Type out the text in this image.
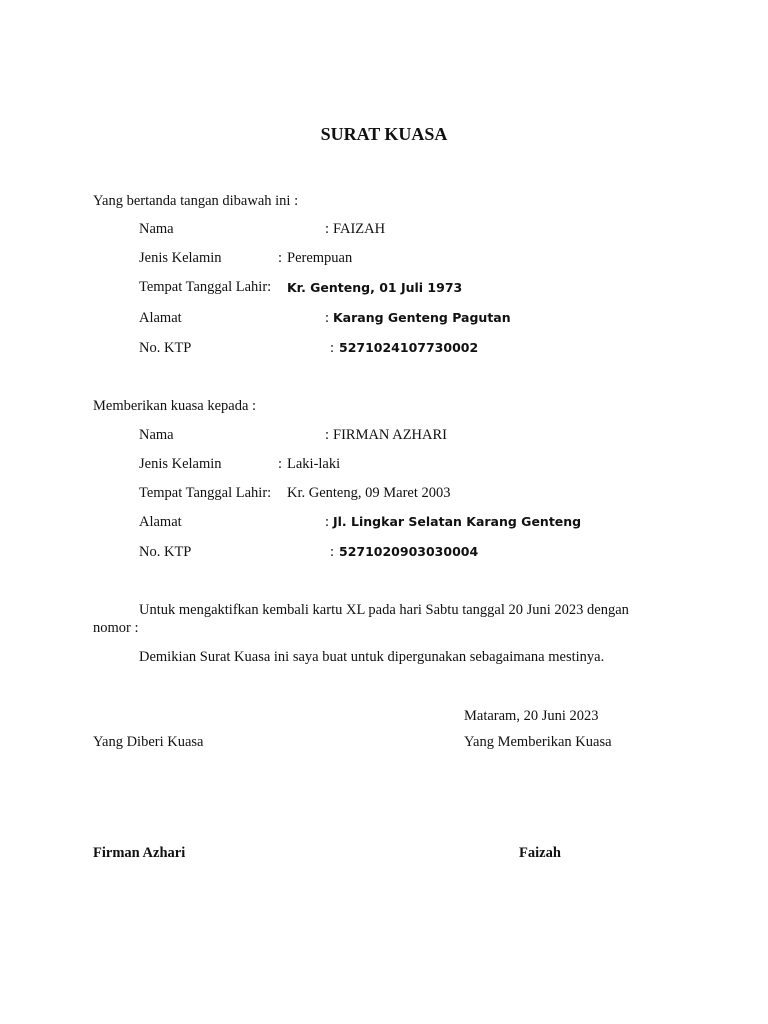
SURAT KUASA
Yang bertanda tangan dibawah ini :
Nama	: FAIZAH
Jenis Kelamin	: Perempuan
Tempat Tanggal Lahir: Kr. Genteng, 01 Juli 1973
Alamat	: Karang Genteng Pagutan
No. KTP	: 5271024107730002
Memberikan kuasa kepada :
Nama	: FIRMAN AZHARI
Jenis Kelamin	: Laki-laki
Tempat Tanggal Lahir: Kr. Genteng, 09 Maret 2003
Alamat	: Jl. Lingkar Selatan Karang Genteng
No. KTP	: 5271020903030004
Untuk mengaktifkan kembali kartu XL pada hari Sabtu tanggal 20 Juni 2023 dengan
nomor :
Demikian Surat Kuasa ini saya buat untuk dipergunakan sebagaimana mestinya.
Mataram, 20 Juni 2023
Yang Diberi Kuasa	Yang Memberikan Kuasa
Firman Azhari	Faizah
